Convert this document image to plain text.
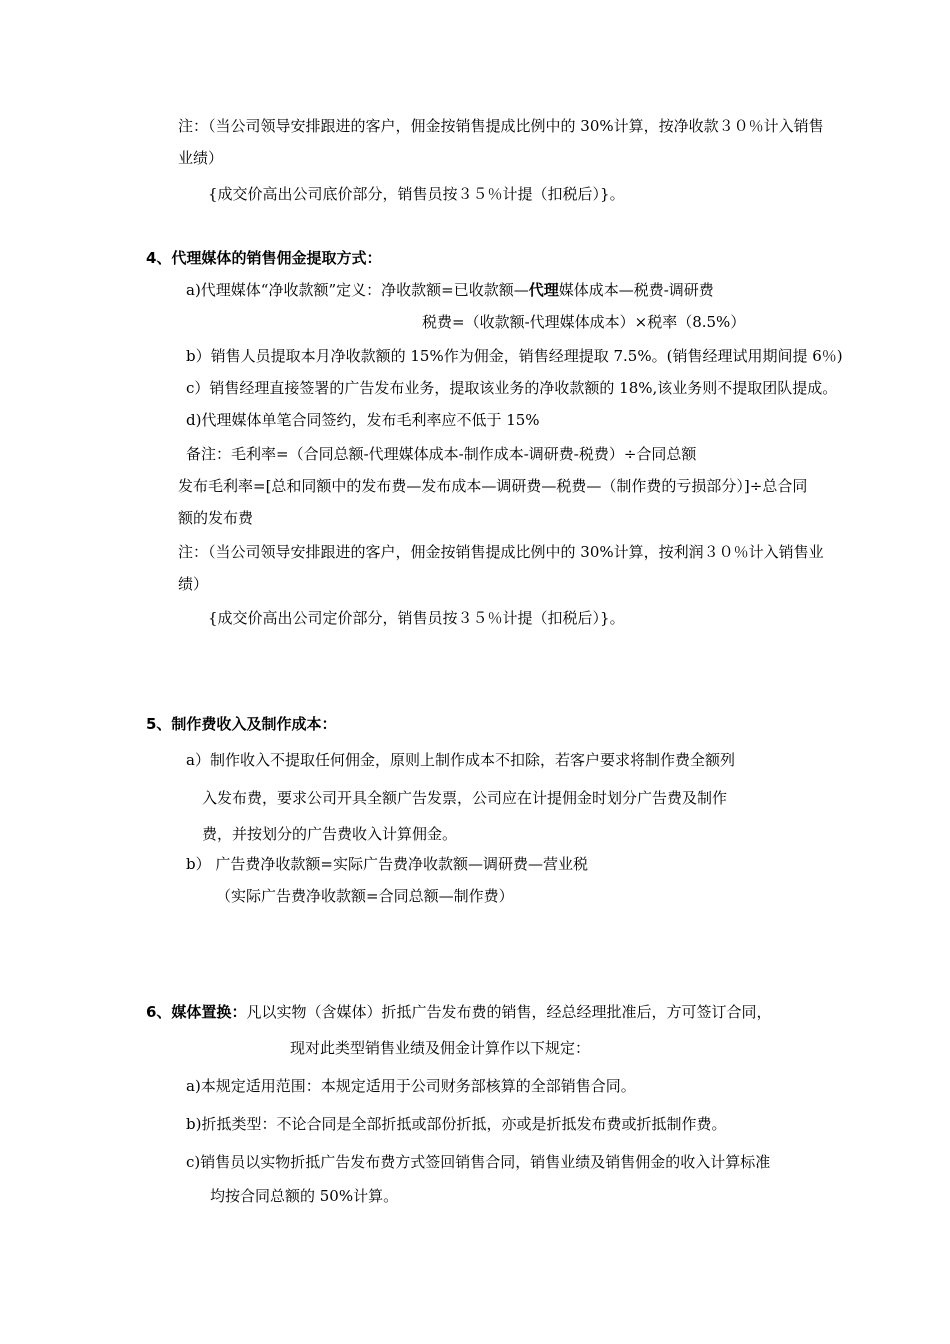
注：（当公司领导安排跟进的客户，佣金按销售提成比例中的 30%计算，按净收款３０％计入销售
业绩）
{成交价高出公司底价部分，销售员按３５％计提（扣税后）}。
4、代理媒体的销售佣金提取方式：
a)代理媒体“净收款额”定义：净收款额=已收款额—代理媒体成本—税费-调研费
税费=（收款额-代理媒体成本）×税率（8.5%）
b）销售人员提取本月净收款额的 15%作为佣金，销售经理提取 7.5%。(销售经理试用期间提 6％)
c）销售经理直接签署的广告发布业务，提取该业务的净收款额的 18%,该业务则不提取团队提成。
d)代理媒体单笔合同签约，发布毛利率应不低于 15%
备注：毛利率=（合同总额-代理媒体成本-制作成本-调研费-税费）÷合同总额
发布毛利率=[总和同额中的发布费—发布成本—调研费—税费—（制作费的亏损部分）]÷总合同
额的发布费
注：（当公司领导安排跟进的客户，佣金按销售提成比例中的 30%计算，按利润３０％计入销售业
绩）
{成交价高出公司定价部分，销售员按３５％计提（扣税后）}。
5、制作费收入及制作成本：
a）制作收入不提取任何佣金，原则上制作成本不扣除，若客户要求将制作费全额列
入发布费，要求公司开具全额广告发票，公司应在计提佣金时划分广告费及制作
费，并按划分的广告费收入计算佣金。
b） 广告费净收款额=实际广告费净收款额—调研费—营业税
（实际广告费净收款额=合同总额—制作费）
6、媒体置换：凡以实物（含媒体）折抵广告发布费的销售，经总经理批准后，方可签订合同，
现对此类型销售业绩及佣金计算作以下规定：
a)本规定适用范围：本规定适用于公司财务部核算的全部销售合同。
b)折抵类型：不论合同是全部折抵或部份折抵，亦或是折抵发布费或折抵制作费。
c)销售员以实物折抵广告发布费方式签回销售合同，销售业绩及销售佣金的收入计算标准
均按合同总额的 50%计算。
